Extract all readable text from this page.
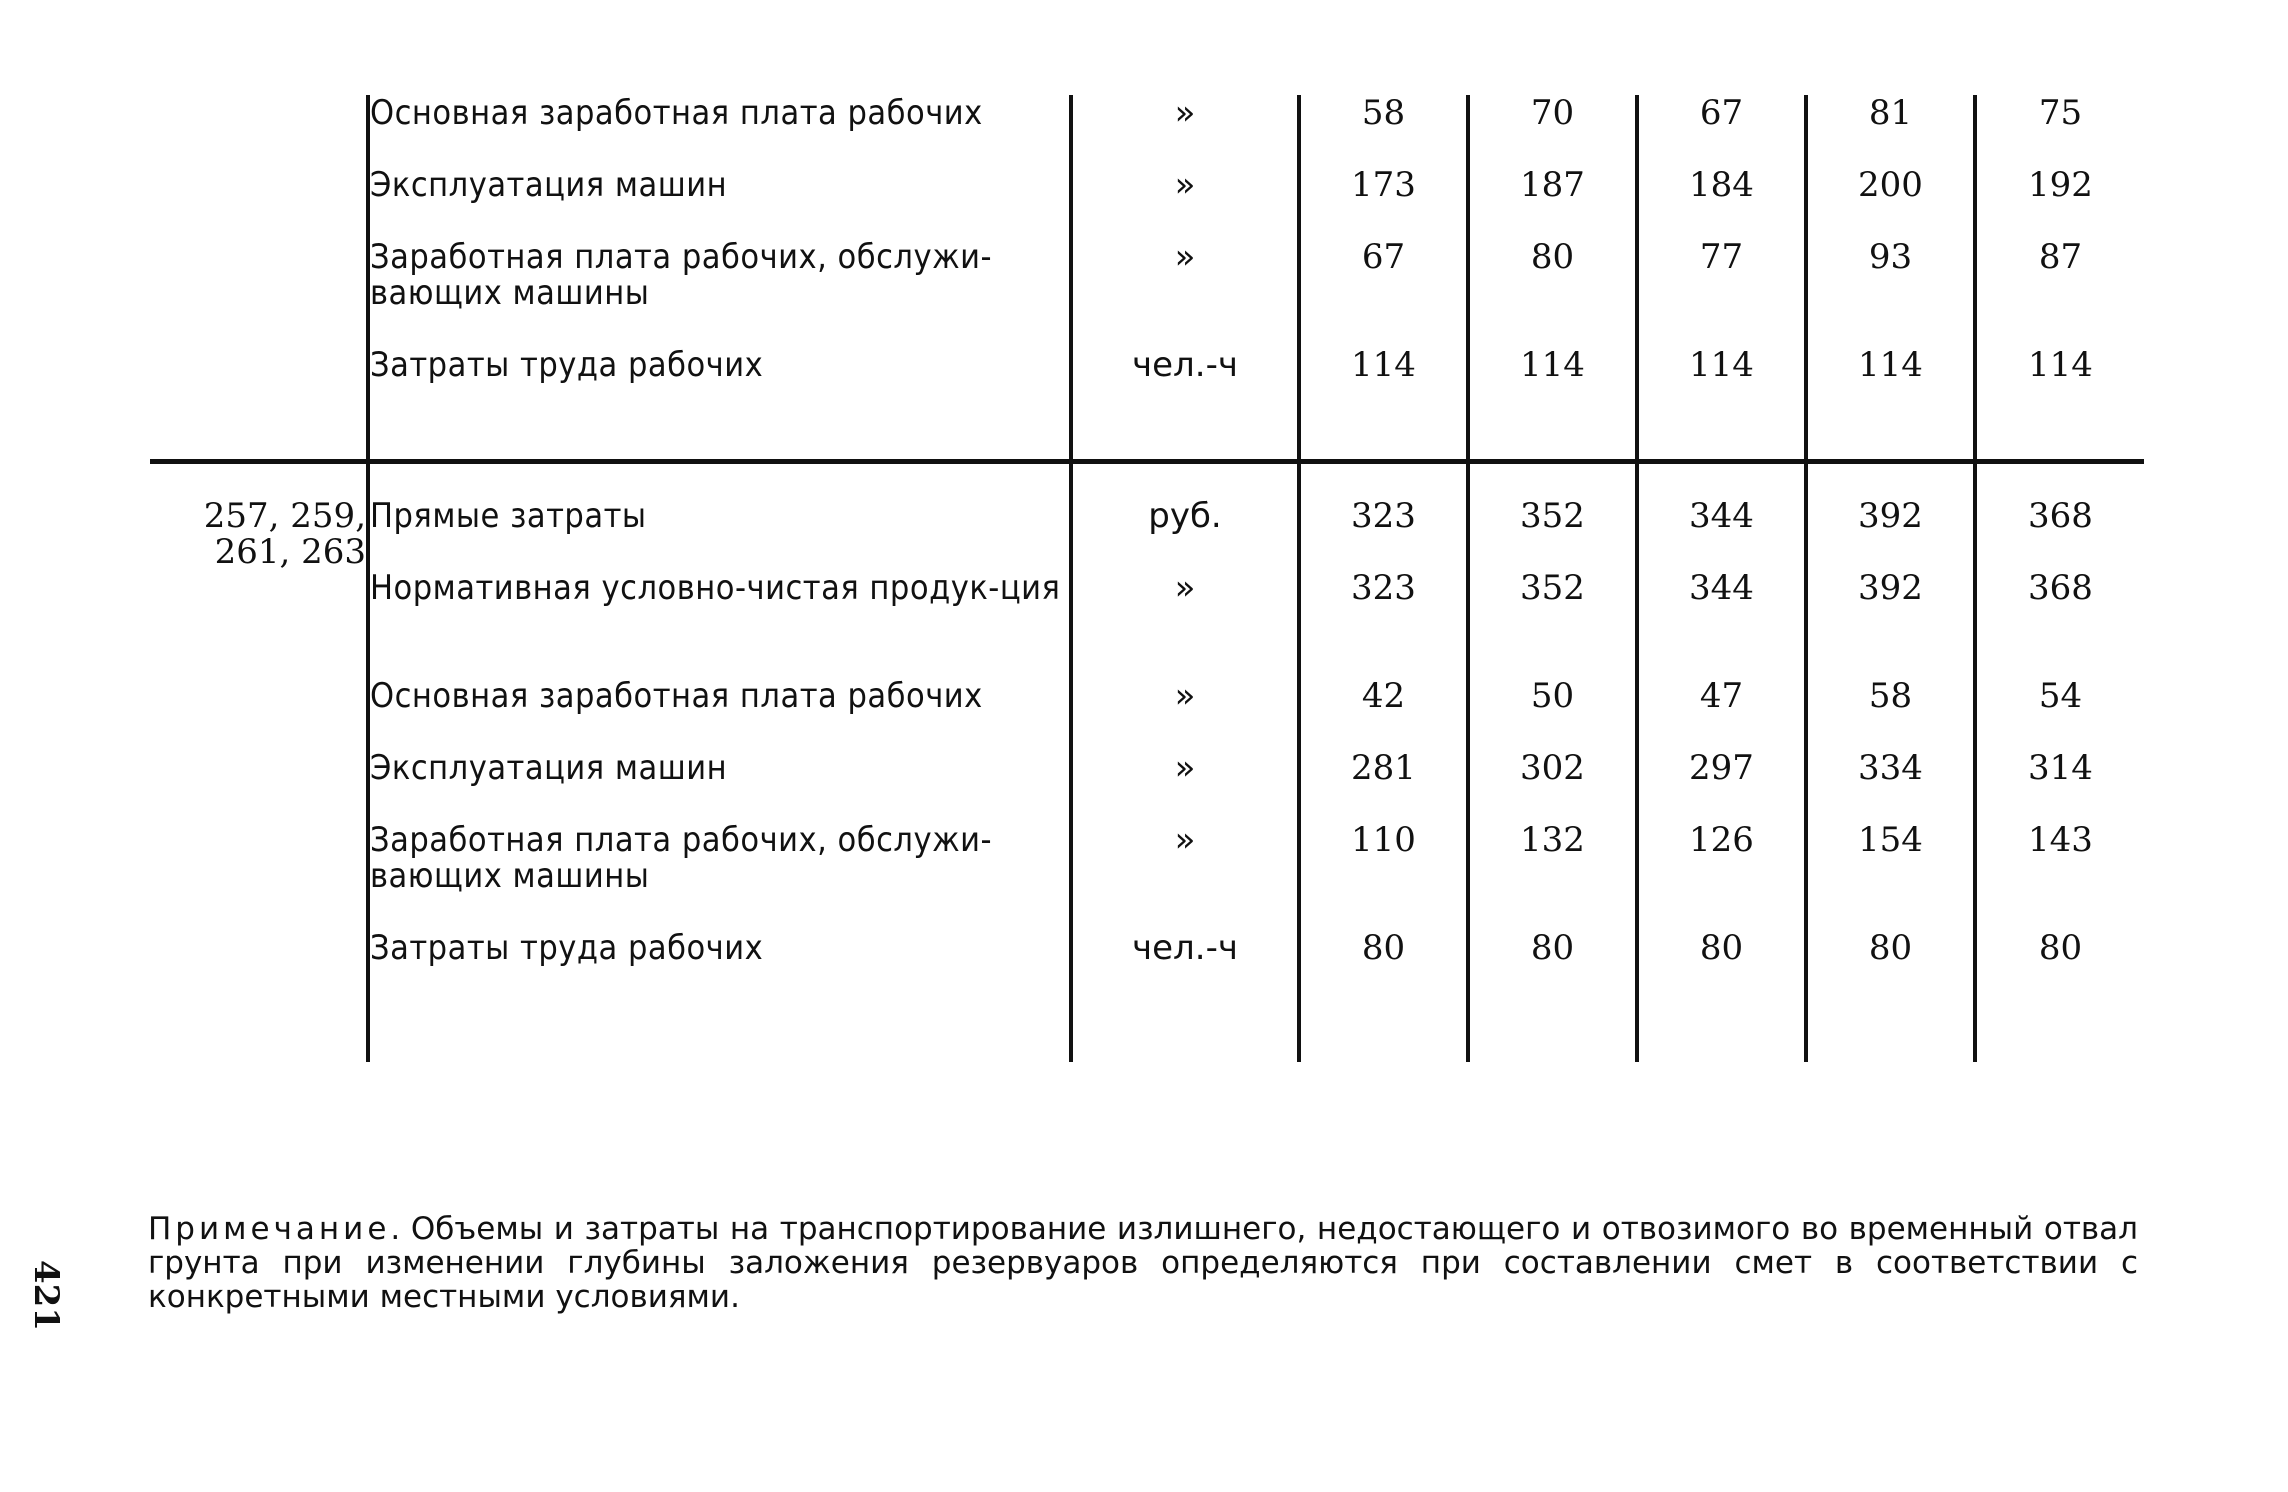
	Основная заработная плата рабочих	»	58	70	67	81	75
	Эксплуатация машин	»	173	187	184	200	192
	Заработная плата рабочих, обслужи-вающих машины	»	67	80	77	93	87
	Затраты труда рабочих	чел.-ч	114	114	114	114	114

257, 259, 261, 263	Прямые затраты	руб.	323	352	344	392	368
	Нормативная условно-чистая продук-ция	»	323	352	344	392	368
	Основная заработная плата рабочих	»	42	50	47	58	54
	Эксплуатация машин	»	281	302	297	334	314
	Заработная плата рабочих, обслужи-вающих машины	»	110	132	126	154	143
	Затраты труда рабочих	чел.-ч	80	80	80	80	80

Примечание. Объемы и затраты на транспортирование излишнего, недостающего и отвозимого во временный отвал грунта при изменении глубины заложения резервуаров определяются при составлении смет в соответствии с конкретными местными условиями.
421
